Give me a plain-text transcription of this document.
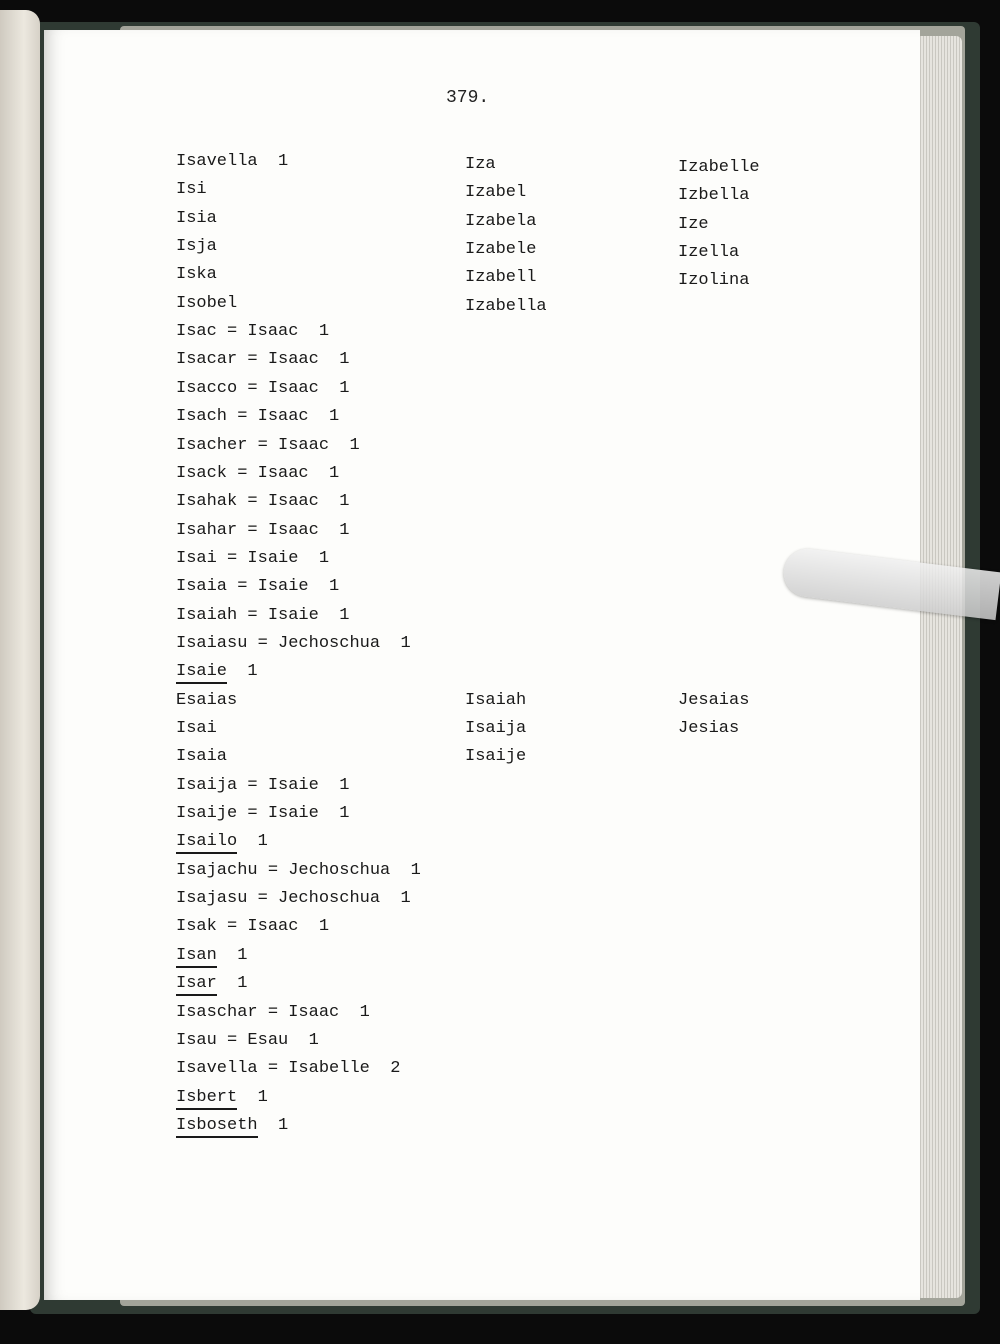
379.
Isavella  1
Isi
Isia
Isja
Iska
Isobel
Iza
Izabel
Izabela
Izabele
Izabell
Izabella
Izabelle
Izbella
Ize
Izella
Izolina
Isac = Isaac  1
Isacar = Isaac  1
Isacco = Isaac  1
Isach = Isaac  1
Isacher = Isaac  1
Isack = Isaac  1
Isahak = Isaac  1
Isahar = Isaac  1
Isai = Isaie  1
Isaia = Isaie  1
Isaiah = Isaie  1
Isaiasu = Jechoschua  1
Isaie  1
Esaias
Isai
Isaia
Isaiah
Isaija
Isaije
Jesaias
Jesias
Isaija = Isaie  1
Isaije = Isaie  1
Isailo  1
Isajachu = Jechoschua  1
Isajasu = Jechoschua  1
Isak = Isaac  1
Isan  1
Isar  1
Isaschar = Isaac  1
Isau = Esau  1
Isavella = Isabelle  2
Isbert  1
Isboseth  1
